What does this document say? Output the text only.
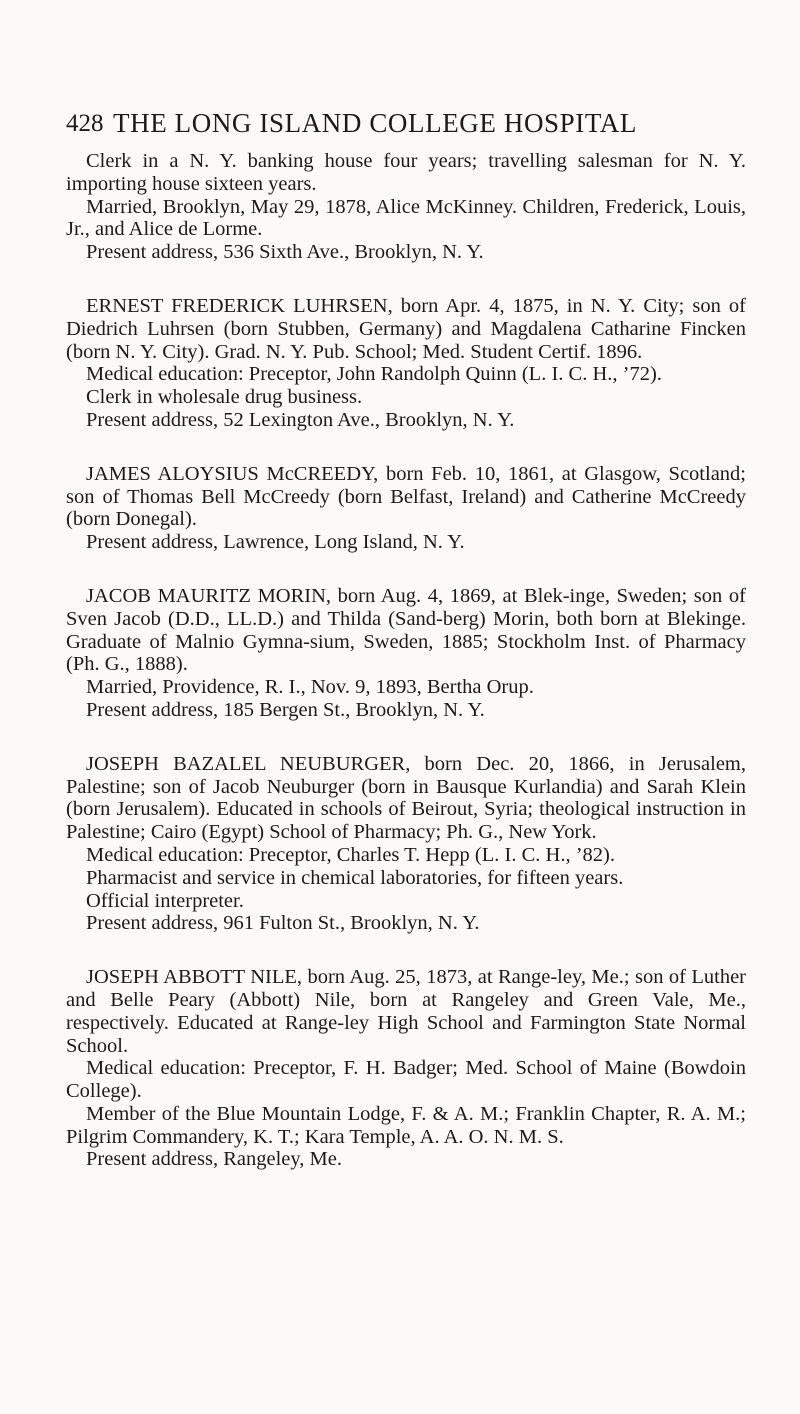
428 THE LONG ISLAND COLLEGE HOSPITAL

Clerk in a N. Y. banking house four years; travelling salesman for N. Y. importing house sixteen years.

Married, Brooklyn, May 29, 1878, Alice McKinney. Children, Frederick, Louis, Jr., and Alice de Lorme.

Present address, 536 Sixth Ave., Brooklyn, N. Y.

ERNEST FREDERICK LUHRSEN, born Apr. 4, 1875, in N. Y. City; son of Diedrich Luhrsen (born Stubben, Germany) and Magdalena Catharine Fincken (born N. Y. City). Grad. N. Y. Pub. School; Med. Student Certif. 1896.

Medical education: Preceptor, John Randolph Quinn (L. I. C. H., ’72).

Clerk in wholesale drug business.

Present address, 52 Lexington Ave., Brooklyn, N. Y.

JAMES ALOYSIUS McCREEDY, born Feb. 10, 1861, at Glasgow, Scotland; son of Thomas Bell McCreedy (born Belfast, Ireland) and Catherine McCreedy (born Donegal).

Present address, Lawrence, Long Island, N. Y.

JACOB MAURITZ MORIN, born Aug. 4, 1869, at Blek-inge, Sweden; son of Sven Jacob (D.D., LL.D.) and Thilda (Sand-berg) Morin, both born at Blekinge. Graduate of Malnio Gymna-sium, Sweden, 1885; Stockholm Inst. of Pharmacy (Ph. G., 1888).

Married, Providence, R. I., Nov. 9, 1893, Bertha Orup.

Present address, 185 Bergen St., Brooklyn, N. Y.

JOSEPH BAZALEL NEUBURGER, born Dec. 20, 1866, in Jerusalem, Palestine; son of Jacob Neuburger (born in Bausque Kurlandia) and Sarah Klein (born Jerusalem). Educated in schools of Beirout, Syria; theological instruction in Palestine; Cairo (Egypt) School of Pharmacy; Ph. G., New York.

Medical education: Preceptor, Charles T. Hepp (L. I. C. H., ’82).

Pharmacist and service in chemical laboratories, for fifteen years.

Official interpreter.

Present address, 961 Fulton St., Brooklyn, N. Y.

JOSEPH ABBOTT NILE, born Aug. 25, 1873, at Range-ley, Me.; son of Luther and Belle Peary (Abbott) Nile, born at Rangeley and Green Vale, Me., respectively. Educated at Range-ley High School and Farmington State Normal School.

Medical education: Preceptor, F. H. Badger; Med. School of Maine (Bowdoin College).

Member of the Blue Mountain Lodge, F. & A. M.; Franklin Chapter, R. A. M.; Pilgrim Commandery, K. T.; Kara Temple, A. A. O. N. M. S.

Present address, Rangeley, Me.
